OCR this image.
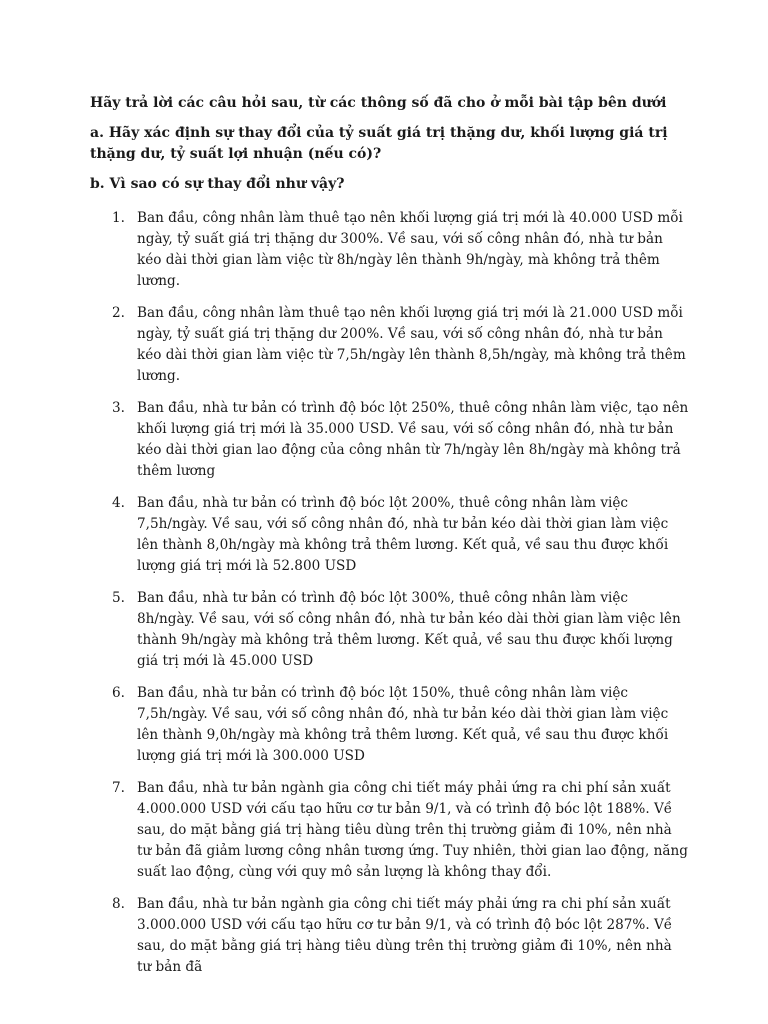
Hãy trả lời các câu hỏi sau, từ các thông số đã cho ở mỗi bài tập bên dưới

a. Hãy xác định sự thay đổi của tỷ suất giá trị thặng dư, khối lượng giá trị thặng dư, tỷ suất lợi nhuận (nếu có)?

b. Vì sao có sự thay đổi như vậy?

1. Ban đầu, công nhân làm thuê tạo nên khối lượng giá trị mới là 40.000 USD mỗi ngày, tỷ suất giá trị thặng dư 300%. Về sau, với số công nhân đó, nhà tư bản kéo dài thời gian làm việc từ 8h/ngày lên thành 9h/ngày, mà không trả thêm lương.
2. Ban đầu, công nhân làm thuê tạo nên khối lượng giá trị mới là 21.000 USD mỗi ngày, tỷ suất giá trị thặng dư 200%. Về sau, với số công nhân đó, nhà tư bản kéo dài thời gian làm việc từ 7,5h/ngày lên thành 8,5h/ngày, mà không trả thêm lương.
3. Ban đầu, nhà tư bản có trình độ bóc lột 250%, thuê công nhân làm việc, tạo nên khối lượng giá trị mới là 35.000 USD. Về sau, với số công nhân đó, nhà tư bản kéo dài thời gian lao động của công nhân từ 7h/ngày lên 8h/ngày mà không trả thêm lương
4. Ban đầu, nhà tư bản có trình độ bóc lột 200%, thuê công nhân làm việc 7,5h/ngày. Về sau, với số công nhân đó, nhà tư bản kéo dài thời gian làm việc lên thành 8,0h/ngày mà không trả thêm lương. Kết quả, về sau thu được khối lượng giá trị mới là 52.800 USD
5. Ban đầu, nhà tư bản có trình độ bóc lột 300%, thuê công nhân làm việc 8h/ngày. Về sau, với số công nhân đó, nhà tư bản kéo dài thời gian làm việc lên thành 9h/ngày mà không trả thêm lương. Kết quả, về sau thu được khối lượng giá trị mới là 45.000 USD
6. Ban đầu, nhà tư bản có trình độ bóc lột 150%, thuê công nhân làm việc 7,5h/ngày. Về sau, với số công nhân đó, nhà tư bản kéo dài thời gian làm việc lên thành 9,0h/ngày mà không trả thêm lương. Kết quả, về sau thu được khối lượng giá trị mới là 300.000 USD
7. Ban đầu, nhà tư bản ngành gia công chi tiết máy phải ứng ra chi phí sản xuất 4.000.000 USD với cấu tạo hữu cơ tư bản 9/1, và có trình độ bóc lột 188%. Về sau, do mặt bằng giá trị hàng tiêu dùng trên thị trường giảm đi 10%, nên nhà tư bản đã giảm lương công nhân tương ứng. Tuy nhiên, thời gian lao động, năng suất lao động, cùng với quy mô sản lượng là không thay đổi.
8. Ban đầu, nhà tư bản ngành gia công chi tiết máy phải ứng ra chi phí sản xuất 3.000.000 USD với cấu tạo hữu cơ tư bản 9/1, và có trình độ bóc lột 287%. Về sau, do mặt bằng giá trị hàng tiêu dùng trên thị trường giảm đi 10%, nên nhà tư bản đã
